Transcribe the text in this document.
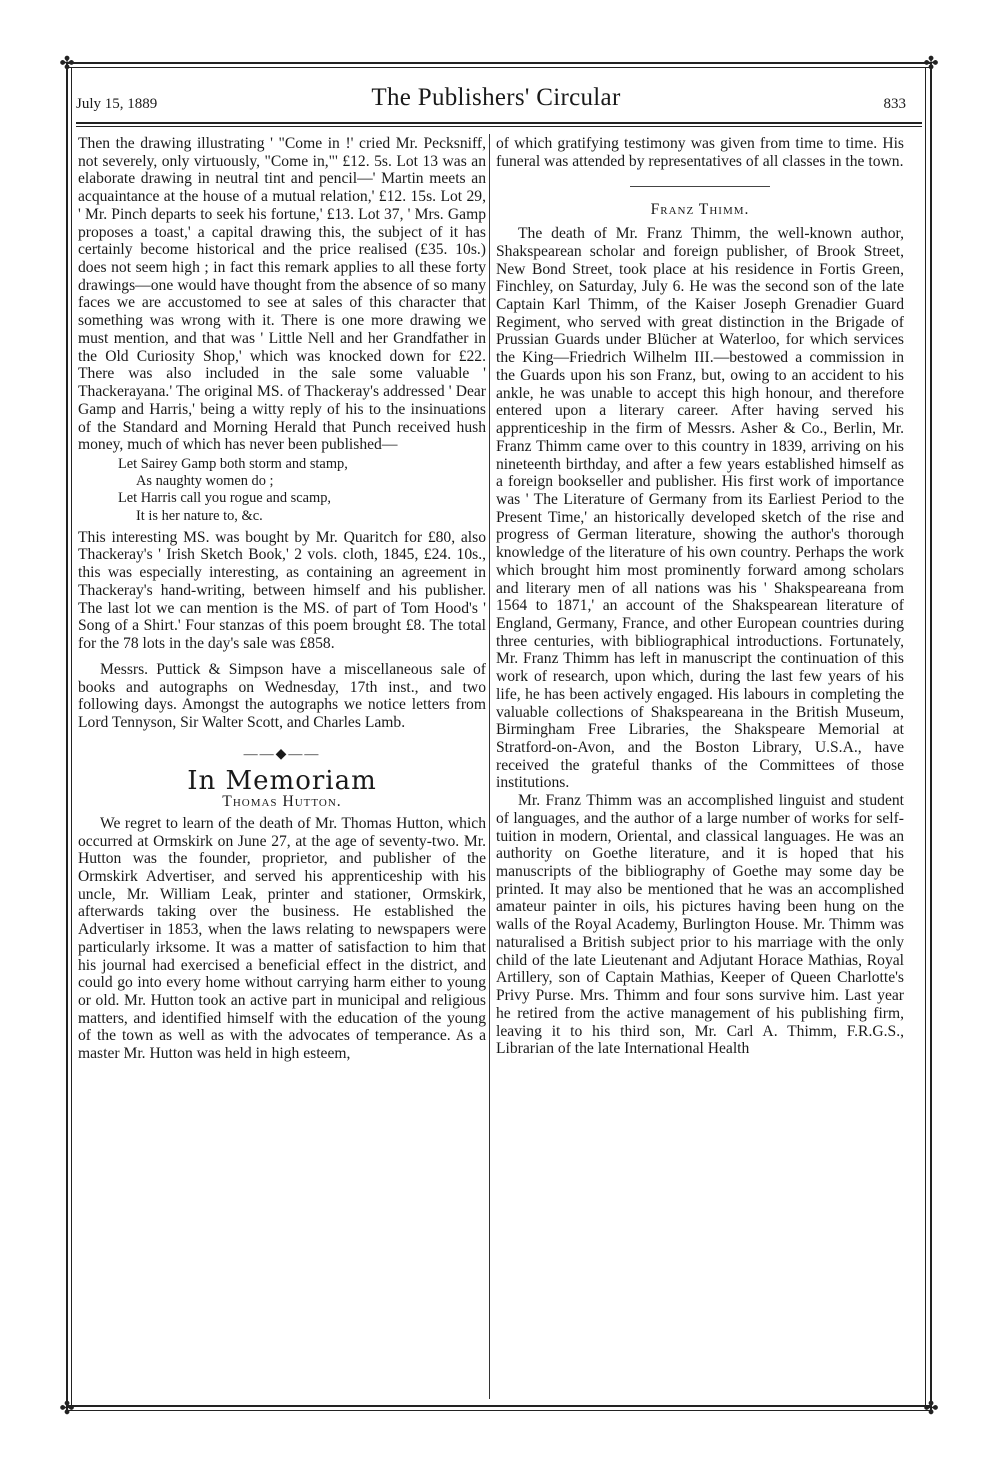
✤	✤
✤	✤
July 15, 1889	The Publishers' Circular	833

Then the drawing illustrating ' "Come in !' cried Mr. Pecksniff, not severely, only virtuously, "Come in,"' £12. 5s. Lot 13 was an elaborate drawing in neutral tint and pencil—' Martin meets an acquaintance at the house of a mutual relation,' £12. 15s. Lot 29, ' Mr. Pinch departs to seek his fortune,' £13. Lot 37, ' Mrs. Gamp proposes a toast,' a capital drawing this, the subject of it has certainly become historical and the price realised (£35. 10s.) does not seem high ; in fact this remark applies to all these forty drawings—one would have thought from the absence of so many faces we are accustomed to see at sales of this character that something was wrong with it. There is one more drawing we must mention, and that was ' Little Nell and her Grandfather in the Old Curiosity Shop,' which was knocked down for £22. There was also included in the sale some valuable ' Thackerayana.' The original MS. of Thackeray's addressed ' Dear Gamp and Harris,' being a witty reply of his to the insinuations of the Standard and Morning Herald that Punch received hush money, much of which has never been published—

Let Sairey Gamp both storm and stamp,
As naughty women do ;
Let Harris call you rogue and scamp,
It is her nature to, &c.

This interesting MS. was bought by Mr. Quaritch for £80, also Thackeray's ' Irish Sketch Book,' 2 vols. cloth, 1845, £24. 10s., this was especially interesting, as containing an agreement in Thackeray's hand-writing, between himself and his publisher. The last lot we can mention is the MS. of part of Tom Hood's ' Song of a Shirt.' Four stanzas of this poem brought £8. The total for the 78 lots in the day's sale was £858.

Messrs. Puttick & Simpson have a miscellaneous sale of books and autographs on Wednesday, 17th inst., and two following days. Amongst the autographs we notice letters from Lord Tennyson, Sir Walter Scott, and Charles Lamb.

——◆——
In Memoriam

Thomas Hutton.

We regret to learn of the death of Mr. Thomas Hutton, which occurred at Ormskirk on June 27, at the age of seventy-two. Mr. Hutton was the founder, proprietor, and publisher of the Ormskirk Advertiser, and served his apprenticeship with his uncle, Mr. William Leak, printer and stationer, Ormskirk, afterwards taking over the business. He established the Advertiser in 1853, when the laws relating to newspapers were particularly irksome. It was a matter of satisfaction to him that his journal had exercised a beneficial effect in the district, and could go into every home without carrying harm either to young or old. Mr. Hutton took an active part in municipal and religious matters, and identified himself with the education of the young of the town as well as with the advocates of temperance. As a master Mr. Hutton was held in high esteem,

of which gratifying testimony was given from time to time. His funeral was attended by representatives of all classes in the town.

Franz Thimm.

The death of Mr. Franz Thimm, the well-known author, Shakspearean scholar and foreign publisher, of Brook Street, New Bond Street, took place at his residence in Fortis Green, Finchley, on Saturday, July 6. He was the second son of the late Captain Karl Thimm, of the Kaiser Joseph Grenadier Guard Regiment, who served with great distinction in the Brigade of Prussian Guards under Blücher at Waterloo, for which services the King—Friedrich Wilhelm III.—bestowed a commission in the Guards upon his son Franz, but, owing to an accident to his ankle, he was unable to accept this high honour, and therefore entered upon a literary career. After having served his apprenticeship in the firm of Messrs. Asher & Co., Berlin, Mr. Franz Thimm came over to this country in 1839, arriving on his nineteenth birthday, and after a few years established himself as a foreign bookseller and publisher. His first work of importance was ' The Literature of Germany from its Earliest Period to the Present Time,' an historically developed sketch of the rise and progress of German literature, showing the author's thorough knowledge of the literature of his own country. Perhaps the work which brought him most prominently forward among scholars and literary men of all nations was his ' Shakspeareana from 1564 to 1871,' an account of the Shakspearean literature of England, Germany, France, and other European countries during three centuries, with bibliographical introductions. Fortunately, Mr. Franz Thimm has left in manuscript the continuation of this work of research, upon which, during the last few years of his life, he has been actively engaged. His labours in completing the valuable collections of Shakspeareana in the British Museum, Birmingham Free Libraries, the Shakspeare Memorial at Stratford-on-Avon, and the Boston Library, U.S.A., have received the grateful thanks of the Committees of those institutions.

Mr. Franz Thimm was an accomplished linguist and student of languages, and the author of a large number of works for self-tuition in modern, Oriental, and classical languages. He was an authority on Goethe literature, and it is hoped that his manuscripts of the bibliography of Goethe may some day be printed. It may also be mentioned that he was an accomplished amateur painter in oils, his pictures having been hung on the walls of the Royal Academy, Burlington House. Mr. Thimm was naturalised a British subject prior to his marriage with the only child of the late Lieutenant and Adjutant Horace Mathias, Royal Artillery, son of Captain Mathias, Keeper of Queen Charlotte's Privy Purse. Mrs. Thimm and four sons survive him. Last year he retired from the active management of his publishing firm, leaving it to his third son, Mr. Carl A. Thimm, F.R.G.S., Librarian of the late International Health
